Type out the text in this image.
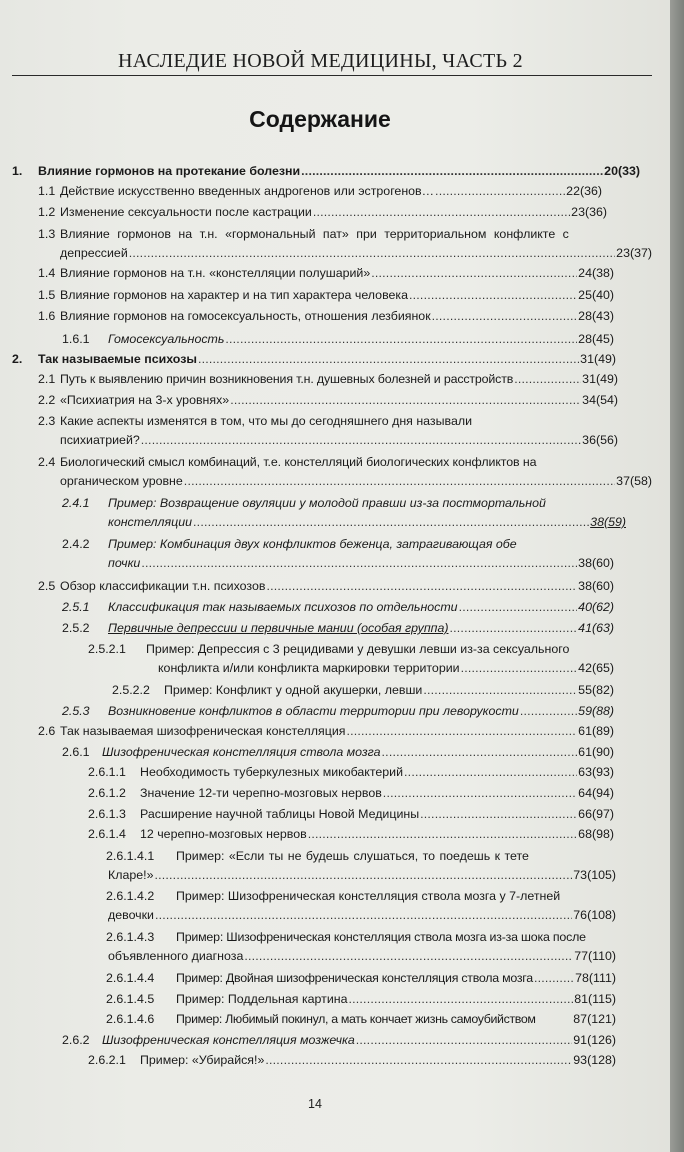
НАСЛЕДИЕ НОВОЙ МЕДИЦИНЫ, ЧАСТЬ 2
Содержание
1.	Влияние гормонов на протекание болезни .....	20(33)
1.1 Действие искусственно введенных андрогенов или эстрогенов… .....	22(36)
1.2 Изменение сексуальности после кастрации .....	23(36)
1.3 Влияние гормонов на т.н. «гормональный пат» при территориальном конфликте с
депрессией .....	23(37)
1.4 Влияние гормонов на т.н. «констелляции полушарий» .....	24(38)
1.5 Влияние гормонов на характер и на тип характера человека .....	25(40)
1.6 Влияние гормонов на гомосексуальность, отношения лезбиянок .....	28(43)
1.6.1	Гомосексуальность .....	28(45)
2.	Так называемые психозы .....	31(49)
2.1 Путь к выявлению причин возникновения т.н. душевных болезней и расстройств .....	31(49)
2.2 «Психиатрия на 3-х уровнях» .....	34(54)
2.3 Какие аспекты изменятся в том, что мы до сегодняшнего дня называли
психиатрией? .....	36(56)
2.4 Биологический смысл комбинаций, т.е. констелляций биологических конфликтов на
органическом уровне .....	37(58)
2.4.1	Пример: Возвращение овуляции у молодой правши из-за постмортальной
констелляции .....	38(59)
2.4.2	Пример: Комбинация двух конфликтов беженца, затрагивающая обе
почки .....	38(60)
2.5 Обзор классификации т.н. психозов .....	38(60)
2.5.1	Классификация так называемых психозов по отдельности .....	40(62)
2.5.2	Первичные депрессии и первичные мании (особая группа) .....	41(63)
2.5.2.1	Пример: Депрессия с 3 рецидивами у девушки левши из-за сексуального
конфликта и/или конфликта маркировки территории .....	42(65)
2.5.2.2	Пример: Конфликт у одной акушерки, левши .....	55(82)
2.5.3	Возникновение конфликтов в области территории при леворукости .....	59(88)
2.6 Так называемая шизофреническая констелляция .....	61(89)
2.6.1	Шизофреническая констелляция ствола мозга .....	61(90)
2.6.1.1	Необходимость туберкулезных микобактерий .....	63(93)
2.6.1.2	Значение 12-ти черепно-мозговых нервов .....	64(94)
2.6.1.3	Расширение научной таблицы Новой Медицины .....	66(97)
2.6.1.4	12 черепно-мозговых нервов .....	68(98)
2.6.1.4.1	Пример: «Если ты не будешь слушаться, то поедешь к тете
Кларе!» .....	73(105)
2.6.1.4.2	Пример: Шизофреническая констелляция ствола мозга у 7-летней
девочки .....	76(108)
2.6.1.4.3	Пример: Шизофреническая констелляция ствола мозга из-за шока после
объявленного диагноза .....	77(110)
2.6.1.4.4	Пример: Двойная шизофреническая констелляция ствола мозга .....	78(111)
2.6.1.4.5	Пример: Поддельная картина .....	81(115)
2.6.1.4.6	Пример: Любимый покинул, а мать кончает жизнь самоубийством	87(121)
2.6.2	Шизофреническая констелляция мозжечка .....	91(126)
2.6.2.1	Пример: «Убирайся!» .....	93(128)
14
